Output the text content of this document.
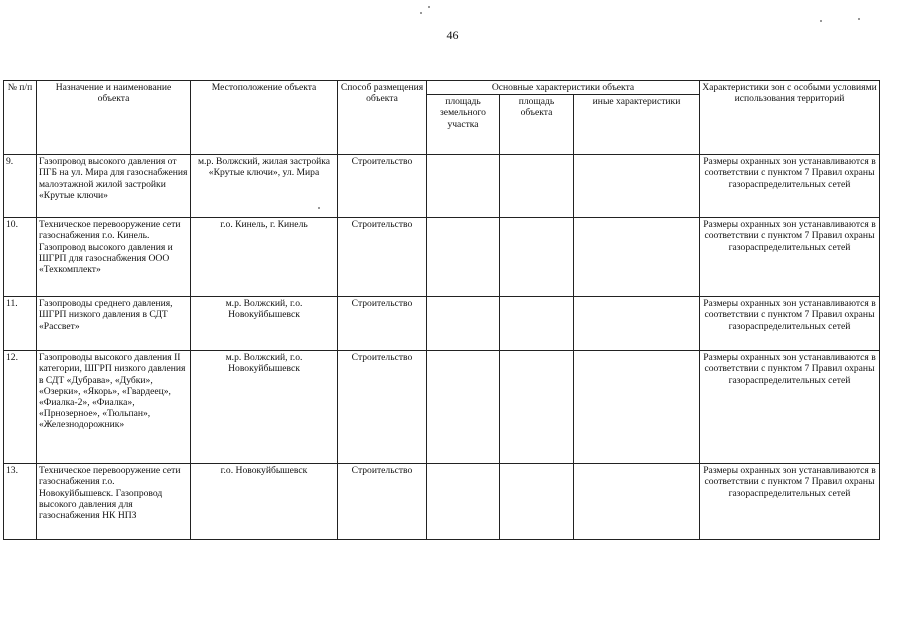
46
№ п/п	Назначение и наименование объекта	Местоположение объекта	Способ размещения объекта	Основные характеристики объекта			Характеристики зон с особыми условиями использования территорий
				площадь земельного участка	площадь объекта	иные характеристики	
9.	Газопровод высокого давления от ПГБ на ул. Мира для газоснабжения малоэтажной жилой застройки «Крутые ключи»	м.р. Волжский, жилая застройка «Крутые ключи», ул. Мира	Строительство				Размеры охранных зон устанавливаются в соответствии с пунктом 7 Правил охраны газораспределительных сетей
10.	Техническое перевооружение сети газоснабжения г.о. Кинель. Газопровод высокого давления и ШГРП для газоснабжения ООО «Техкомплект»	г.о. Кинель, г. Кинель	Строительство				Размеры охранных зон устанавливаются в соответствии с пунктом 7 Правил охраны газораспределительных сетей
11.	Газопроводы среднего давления, ШГРП низкого давления в СДТ «Рассвет»	м.р. Волжский, г.о. Новокуйбышевск	Строительство				Размеры охранных зон устанавливаются в соответствии с пунктом 7 Правил охраны газораспределительных сетей
12.	Газопроводы высокого давления II категории, ШГРП низкого давления в СДТ «Дубрава», «Дубки», «Озерки», «Якорь», «Гвардеец», «Фиалка-2», «Фиалка», «Прнозерное», «Тюльпан», «Железнодорожник»	м.р. Волжский, г.о. Новокуйбышевск	Строительство				Размеры охранных зон устанавливаются в соответствии с пунктом 7 Правил охраны газораспределительных сетей
13.	Техническое перевооружение сети газоснабжения г.о. Новокуйбышевск. Газопровод высокого давления для газоснабжения НК НПЗ	г.о. Новокуйбышевск	Строительство				Размеры охранных зон устанавливаются в соответствии с пунктом 7 Правил охраны газораспределительных сетей
